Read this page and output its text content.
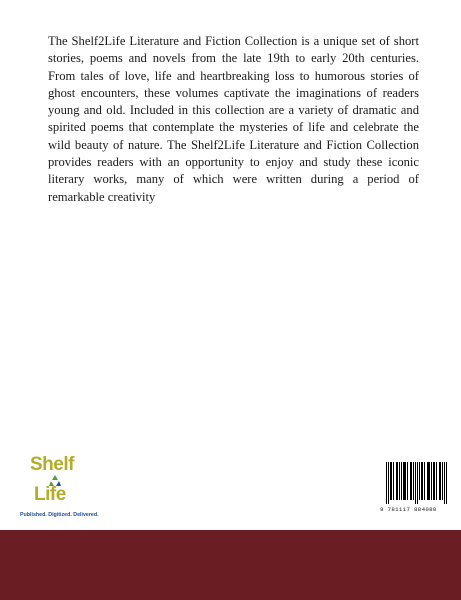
The Shelf2Life Literature and Fiction Collection is a unique set of short stories, poems and novels from the late 19th to early 20th centuries. From tales of love, life and heartbreaking loss to humorous stories of ghost encounters, these volumes captivate the imaginations of readers young and old. Included in this collection are a variety of dramatic and spirited poems that contemplate the mysteries of life and celebrate the wild beauty of nature. The Shelf2Life Literature and Fiction Collection provides readers with an opportunity to enjoy and study these iconic literary works, many of which were written during a period of remarkable creativity

Shelf
Life
Published. Digitized. Delivered.
9 781117 884080
